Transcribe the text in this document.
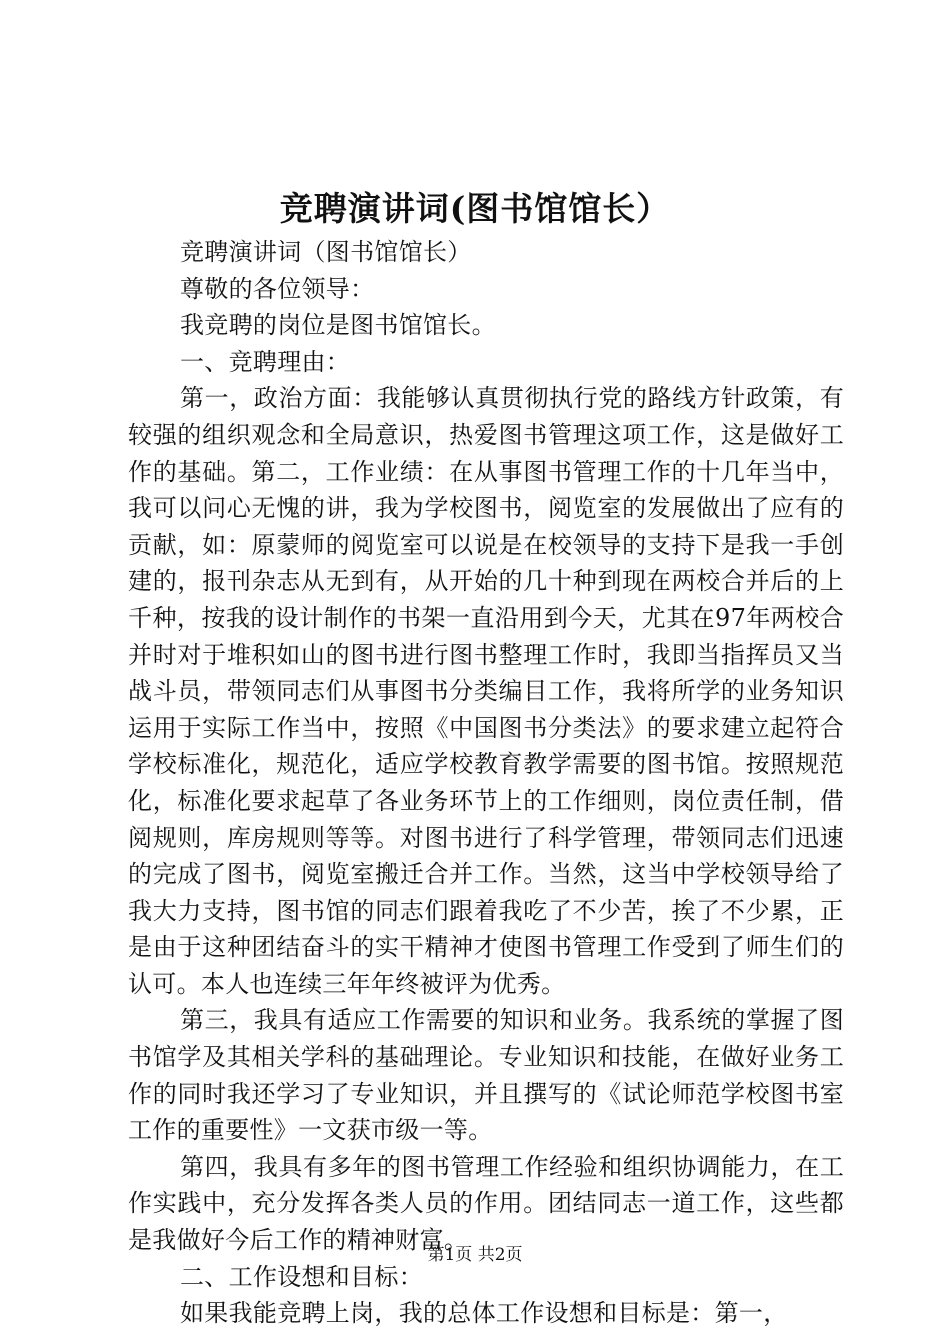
竞聘演讲词(图书馆馆长）

竞聘演讲词（图书馆馆长）

尊敬的各位领导：

我竞聘的岗位是图书馆馆长。

一、竞聘理由：

第一，政治方面：我能够认真贯彻执行党的路线方针政策，有较强的组织观念和全局意识，热爱图书管理这项工作，这是做好工作的基础。第二，工作业绩：在从事图书管理工作的十几年当中，我可以问心无愧的讲，我为学校图书，阅览室的发展做出了应有的贡献，如：原蒙师的阅览室可以说是在校领导的支持下是我一手创建的，报刊杂志从无到有，从开始的几十种到现在两校合并后的上千种，按我的设计制作的书架一直沿用到今天，尤其在97年两校合并时对于堆积如山的图书进行图书整理工作时，我即当指挥员又当战斗员，带领同志们从事图书分类编目工作，我将所学的业务知识运用于实际工作当中，按照《中国图书分类法》的要求建立起符合学校标准化，规范化，适应学校教育教学需要的图书馆。按照规范化，标准化要求起草了各业务环节上的工作细则，岗位责任制，借阅规则，库房规则等等。对图书进行了科学管理，带领同志们迅速的完成了图书，阅览室搬迁合并工作。当然，这当中学校领导给了我大力支持，图书馆的同志们跟着我吃了不少苦，挨了不少累，正是由于这种团结奋斗的实干精神才使图书管理工作受到了师生们的认可。本人也连续三年年终被评为优秀。

第三，我具有适应工作需要的知识和业务。我系统的掌握了图书馆学及其相关学科的基础理论。专业知识和技能，在做好业务工作的同时我还学习了专业知识，并且撰写的《试论师范学校图书室工作的重要性》一文获市级一等。

第四，我具有多年的图书管理工作经验和组织协调能力，在工作实践中，充分发挥各类人员的作用。团结同志一道工作，这些都是我做好今后工作的精神财富。

二、工作设想和目标：

如果我能竞聘上岗，我的总体工作设想和目标是：第一，

第1页 共2页
